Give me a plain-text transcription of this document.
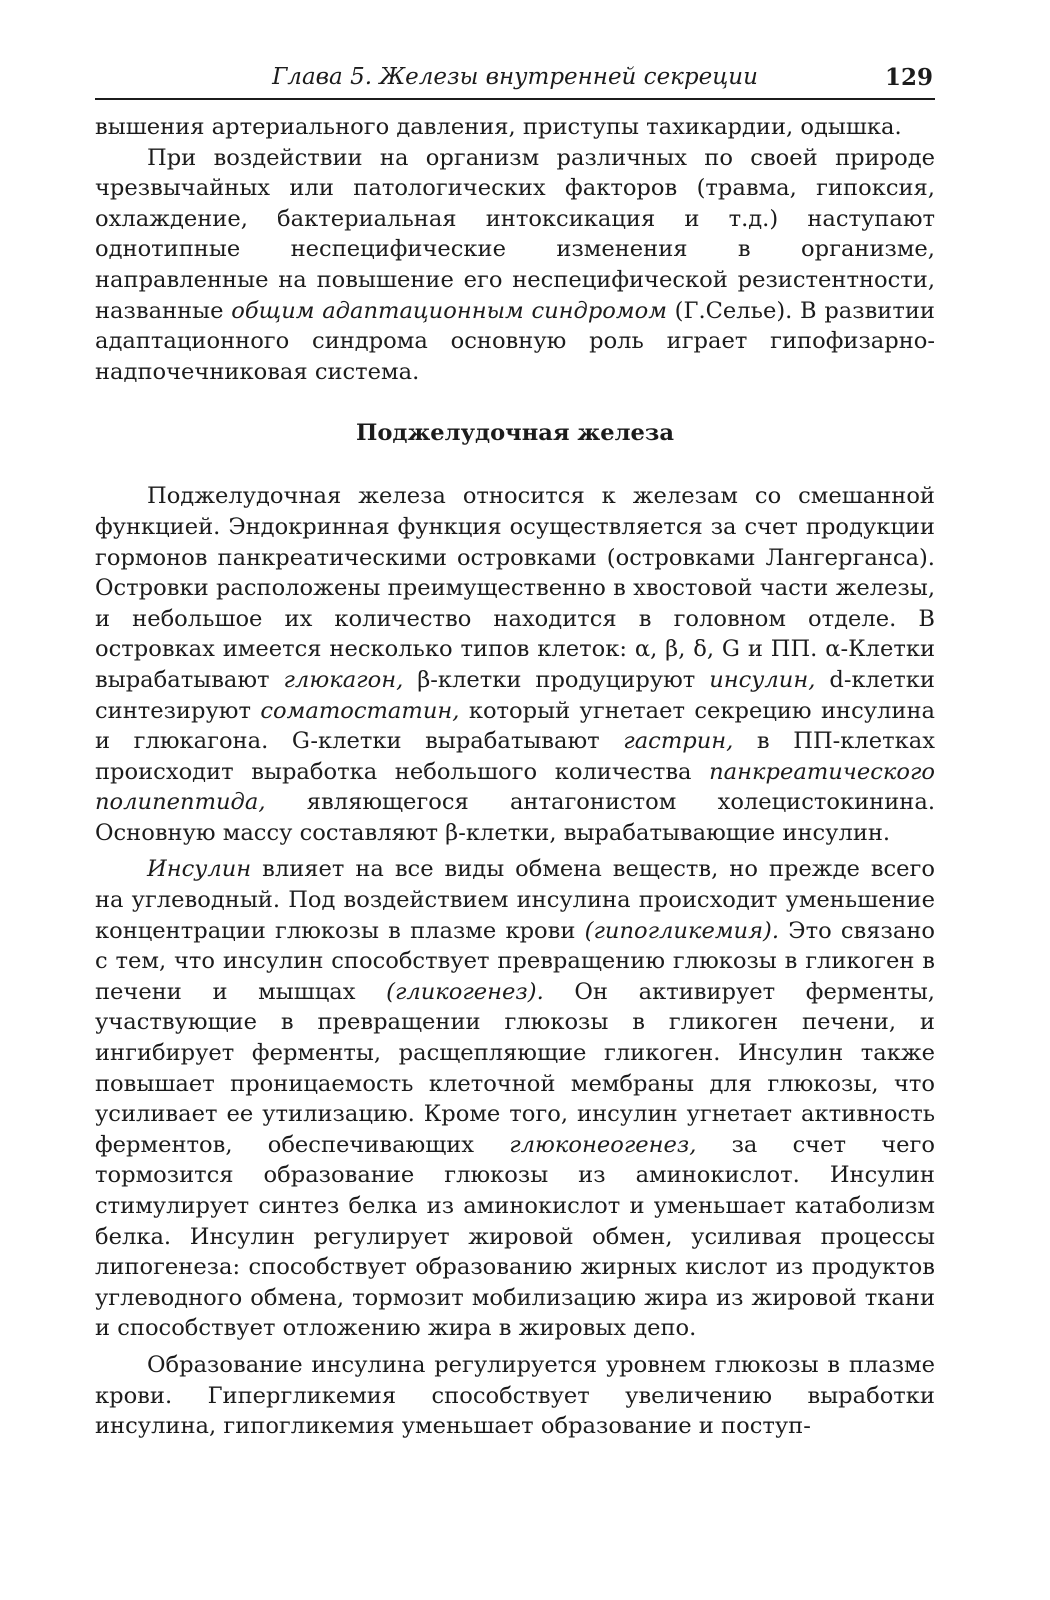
Глава 5. Железы внутренней секреции	129

вышения артериального давления, приступы тахикардии, одышка.

При воздействии на организм различных по своей природе чрезвычайных или патологических факторов (травма, гипоксия, охлаждение, бактериальная интоксикация и т.д.) наступают однотипные неспецифические изменения в организме, направленные на повышение его неспецифической резистентности, названные общим адаптационным синдромом (Г.Селье). В развитии адаптационного синдрома основную роль играет гипофизарно-надпочечниковая система.

Поджелудочная железа

Поджелудочная железа относится к железам со смешанной функцией. Эндокринная функция осуществляется за счет продукции гормонов панкреатическими островками (островками Лангерганса). Островки расположены преимущественно в хвостовой части железы, и небольшое их количество находится в головном отделе. В островках имеется несколько типов клеток: α, β, δ, G и ПП. α-Клетки вырабатывают глюкагон, β-клетки продуцируют инсулин, d-клетки синтезируют соматостатин, который угнетает секрецию инсулина и глюкагона. G-клетки вырабатывают гастрин, в ПП-клетках происходит выработка небольшого количества панкреатического полипептида, являющегося антагонистом холецистокинина. Основную массу составляют β-клетки, вырабатывающие инсулин.

Инсулин влияет на все виды обмена веществ, но прежде всего на углеводный. Под воздействием инсулина происходит уменьшение концентрации глюкозы в плазме крови (гипогликемия). Это связано с тем, что инсулин способствует превращению глюкозы в гликоген в печени и мышцах (гликогенез). Он активирует ферменты, участвующие в превращении глюкозы в гликоген печени, и ингибирует ферменты, расщепляющие гликоген. Инсулин также повышает проницаемость клеточной мембраны для глюкозы, что усиливает ее утилизацию. Кроме того, инсулин угнетает активность ферментов, обеспечивающих глюконеогенез, за счет чего тормозится образование глюкозы из аминокислот. Инсулин стимулирует синтез белка из аминокислот и уменьшает катаболизм белка. Инсулин регулирует жировой обмен, усиливая процессы липогенеза: способствует образованию жирных кислот из продуктов углеводного обмена, тормозит мобилизацию жира из жировой ткани и способствует отложению жира в жировых депо.

Образование инсулина регулируется уровнем глюкозы в плазме крови. Гипергликемия способствует увеличению выработки инсулина, гипогликемия уменьшает образование и поступ-
